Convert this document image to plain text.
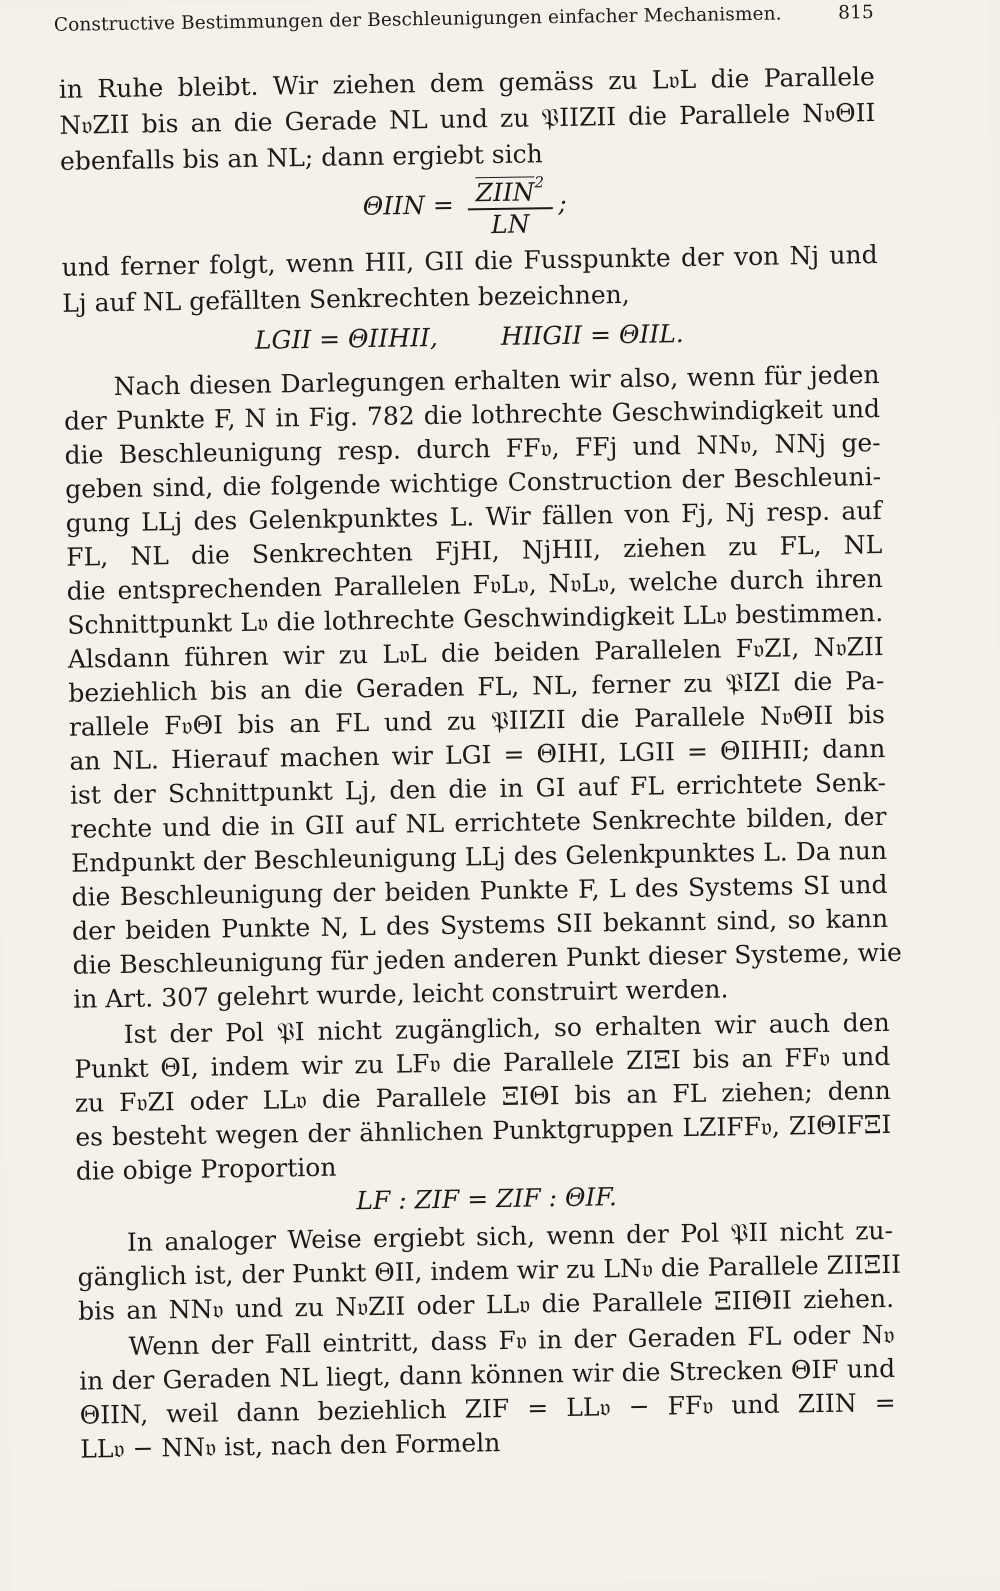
Constructive Bestimmungen der Beschleunigungen einfacher Mechanismen.	815
in Ruhe bleibt. Wir ziehen dem gemäss zu L𝔳L die Parallele
N𝔳ZII bis an die Gerade NL und zu 𝔓IIZII die Parallele N𝔳ΘII
ebenfalls bis an NL; dann ergiebt sich
$\Theta IIN = \frac{ZIIN^2}{LN}$ ;
und ferner folgt, wenn HII, GII die Fusspunkte der von Nj und
Lj auf NL gefällten Senkrechten bezeichnen,
LGII = ΘIIHII,	HIIGII = ΘIIL.
Nach diesen Darlegungen erhalten wir also, wenn für jeden
der Punkte F, N in Fig. 782 die lothrechte Geschwindigkeit und
die Beschleunigung resp. durch FF𝔳, FFj und NN𝔳, NNj ge-
geben sind, die folgende wichtige Construction der Beschleuni-
gung LLj des Gelenkpunktes L. Wir fällen von Fj, Nj resp. auf
FL, NL die Senkrechten FjHI, NjHII, ziehen zu FL, NL
die entsprechenden Parallelen F𝔳L𝔳, N𝔳L𝔳, welche durch ihren
Schnittpunkt L𝔳 die lothrechte Geschwindigkeit LL𝔳 bestimmen.
Alsdann führen wir zu L𝔳L die beiden Parallelen F𝔳ZI, N𝔳ZII
beziehlich bis an die Geraden FL, NL, ferner zu 𝔓IZI die Pa-
rallele F𝔳ΘI bis an FL und zu 𝔓IIZII die Parallele N𝔳ΘII bis
an NL. Hierauf machen wir LGI = ΘIHI, LGII = ΘIIHII; dann
ist der Schnittpunkt Lj, den die in GI auf FL errichtete Senk-
rechte und die in GII auf NL errichtete Senkrechte bilden, der
Endpunkt der Beschleunigung LLj des Gelenkpunktes L. Da nun
die Beschleunigung der beiden Punkte F, L des Systems SI und
der beiden Punkte N, L des Systems SII bekannt sind, so kann
die Beschleunigung für jeden anderen Punkt dieser Systeme, wie
in Art. 307 gelehrt wurde, leicht construirt werden.
Ist der Pol 𝔓I nicht zugänglich, so erhalten wir auch den
Punkt ΘI, indem wir zu LF𝔳 die Parallele ZIΞI bis an FF𝔳 und
zu F𝔳ZI oder LL𝔳 die Parallele ΞIΘI bis an FL ziehen; denn
es besteht wegen der ähnlichen Punktgruppen LZIFF𝔳, ZIΘIFΞI
die obige Proportion
LF : ZIF = ZIF : ΘIF.
In analoger Weise ergiebt sich, wenn der Pol 𝔓II nicht zu-
gänglich ist, der Punkt ΘII, indem wir zu LN𝔳 die Parallele ZIIΞII
bis an NN𝔳 und zu N𝔳ZII oder LL𝔳 die Parallele ΞIIΘII ziehen.
Wenn der Fall eintritt, dass F𝔳 in der Geraden FL oder N𝔳
in der Geraden NL liegt, dann können wir die Strecken ΘIF und
ΘIIN, weil dann beziehlich ZIF = LL𝔳 − FF𝔳 und ZIIN =
LL𝔳 − NN𝔳 ist, nach den Formeln
